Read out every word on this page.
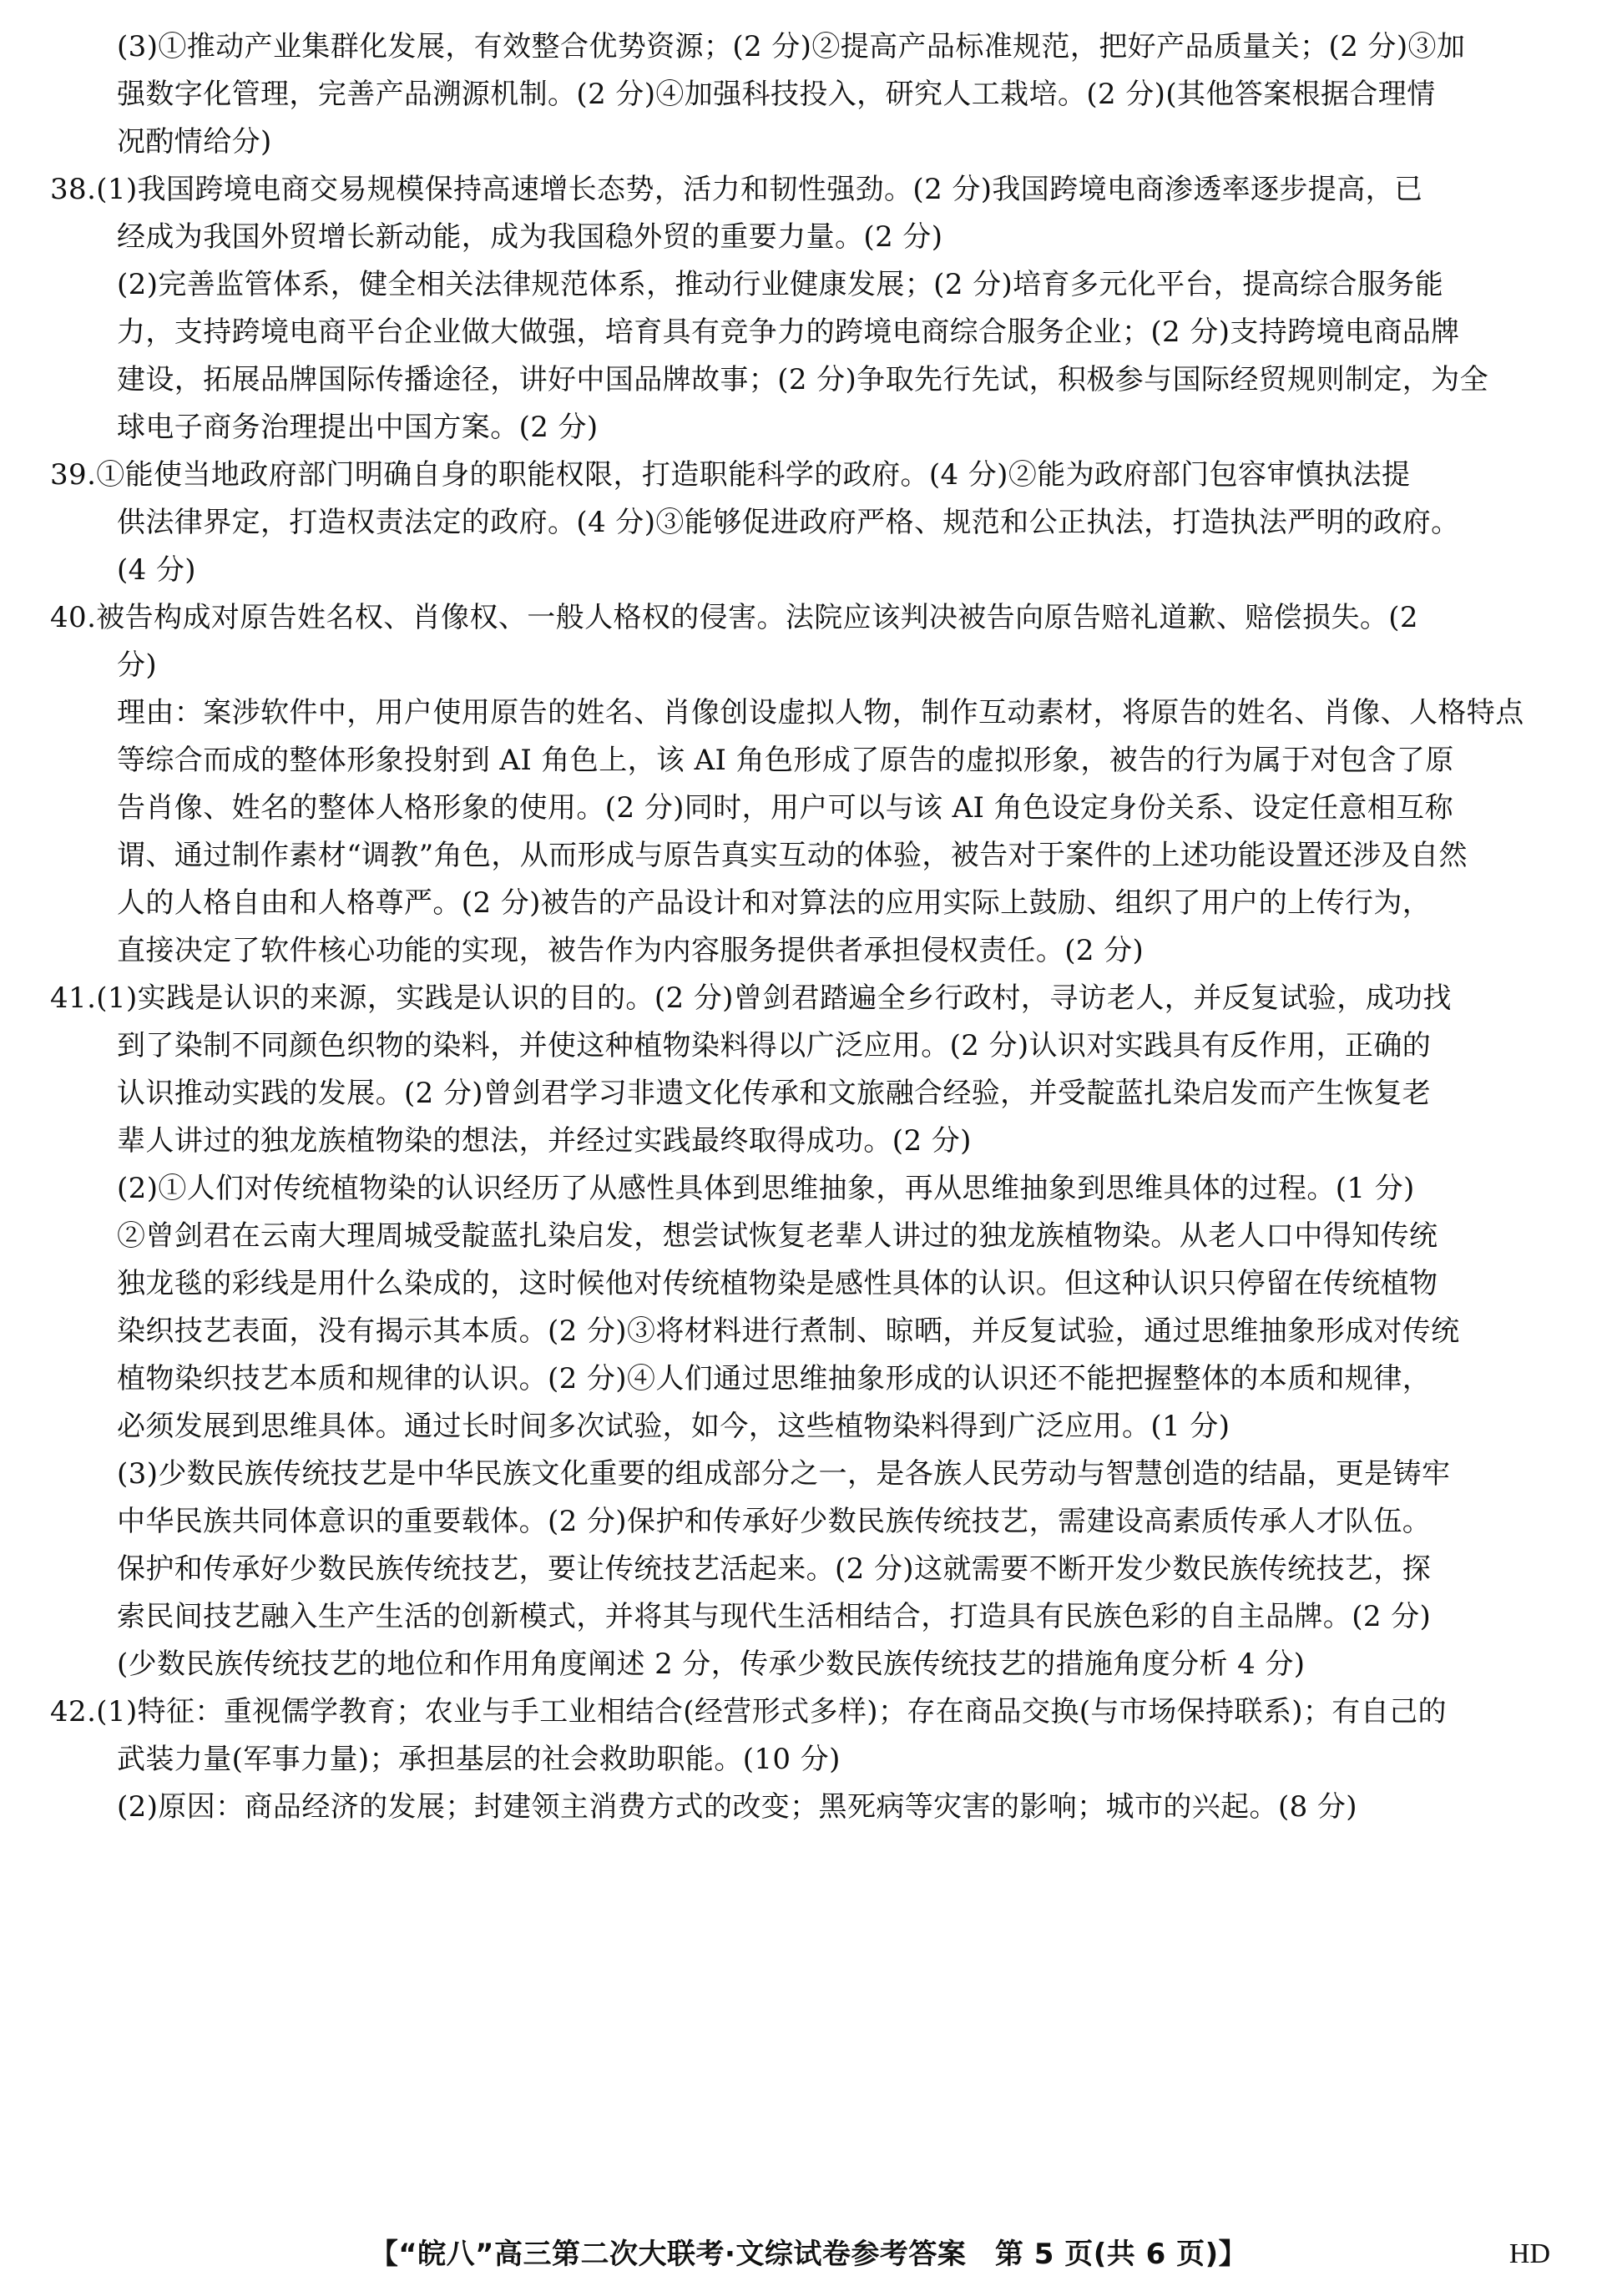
(3)①推动产业集群化发展，有效整合优势资源；(2 分)②提高产品标准规范，把好产品质量关；(2 分)③加
强数字化管理，完善产品溯源机制。(2 分)④加强科技投入，研究人工栽培。(2 分)(其他答案根据合理情
况酌情给分)
38.(1)我国跨境电商交易规模保持高速增长态势，活力和韧性强劲。(2 分)我国跨境电商渗透率逐步提高，已
经成为我国外贸增长新动能，成为我国稳外贸的重要力量。(2 分)
(2)完善监管体系，健全相关法律规范体系，推动行业健康发展；(2 分)培育多元化平台，提高综合服务能
力，支持跨境电商平台企业做大做强，培育具有竞争力的跨境电商综合服务企业；(2 分)支持跨境电商品牌
建设，拓展品牌国际传播途径，讲好中国品牌故事；(2 分)争取先行先试，积极参与国际经贸规则制定，为全
球电子商务治理提出中国方案。(2 分)
39.①能使当地政府部门明确自身的职能权限，打造职能科学的政府。(4 分)②能为政府部门包容审慎执法提
供法律界定，打造权责法定的政府。(4 分)③能够促进政府严格、规范和公正执法，打造执法严明的政府。
(4 分)
40.被告构成对原告姓名权、肖像权、一般人格权的侵害。法院应该判决被告向原告赔礼道歉、赔偿损失。(2
分)
理由：案涉软件中，用户使用原告的姓名、肖像创设虚拟人物，制作互动素材，将原告的姓名、肖像、人格特点
等综合而成的整体形象投射到 AI 角色上，该 AI 角色形成了原告的虚拟形象，被告的行为属于对包含了原
告肖像、姓名的整体人格形象的使用。(2 分)同时，用户可以与该 AI 角色设定身份关系、设定任意相互称
谓、通过制作素材“调教”角色，从而形成与原告真实互动的体验，被告对于案件的上述功能设置还涉及自然
人的人格自由和人格尊严。(2 分)被告的产品设计和对算法的应用实际上鼓励、组织了用户的上传行为，
直接决定了软件核心功能的实现，被告作为内容服务提供者承担侵权责任。(2 分)
41.(1)实践是认识的来源，实践是认识的目的。(2 分)曾剑君踏遍全乡行政村，寻访老人，并反复试验，成功找
到了染制不同颜色织物的染料，并使这种植物染料得以广泛应用。(2 分)认识对实践具有反作用，正确的
认识推动实践的发展。(2 分)曾剑君学习非遗文化传承和文旅融合经验，并受靛蓝扎染启发而产生恢复老
辈人讲过的独龙族植物染的想法，并经过实践最终取得成功。(2 分)
(2)①人们对传统植物染的认识经历了从感性具体到思维抽象，再从思维抽象到思维具体的过程。(1 分)
②曾剑君在云南大理周城受靛蓝扎染启发，想尝试恢复老辈人讲过的独龙族植物染。从老人口中得知传统
独龙毯的彩线是用什么染成的，这时候他对传统植物染是感性具体的认识。但这种认识只停留在传统植物
染织技艺表面，没有揭示其本质。(2 分)③将材料进行煮制、晾晒，并反复试验，通过思维抽象形成对传统
植物染织技艺本质和规律的认识。(2 分)④人们通过思维抽象形成的认识还不能把握整体的本质和规律，
必须发展到思维具体。通过长时间多次试验，如今，这些植物染料得到广泛应用。(1 分)
(3)少数民族传统技艺是中华民族文化重要的组成部分之一，是各族人民劳动与智慧创造的结晶，更是铸牢
中华民族共同体意识的重要载体。(2 分)保护和传承好少数民族传统技艺，需建设高素质传承人才队伍。
保护和传承好少数民族传统技艺，要让传统技艺活起来。(2 分)这就需要不断开发少数民族传统技艺，探
索民间技艺融入生产生活的创新模式，并将其与现代生活相结合，打造具有民族色彩的自主品牌。(2 分)
(少数民族传统技艺的地位和作用角度阐述 2 分，传承少数民族传统技艺的措施角度分析 4 分)
42.(1)特征：重视儒学教育；农业与手工业相结合(经营形式多样)；存在商品交换(与市场保持联系)；有自己的
武装力量(军事力量)；承担基层的社会救助职能。(10 分)
(2)原因：商品经济的发展；封建领主消费方式的改变；黑死病等灾害的影响；城市的兴起。(8 分)
【“皖八”高三第二次大联考·文综试卷参考答案　第 5 页(共 6 页)】	HD
